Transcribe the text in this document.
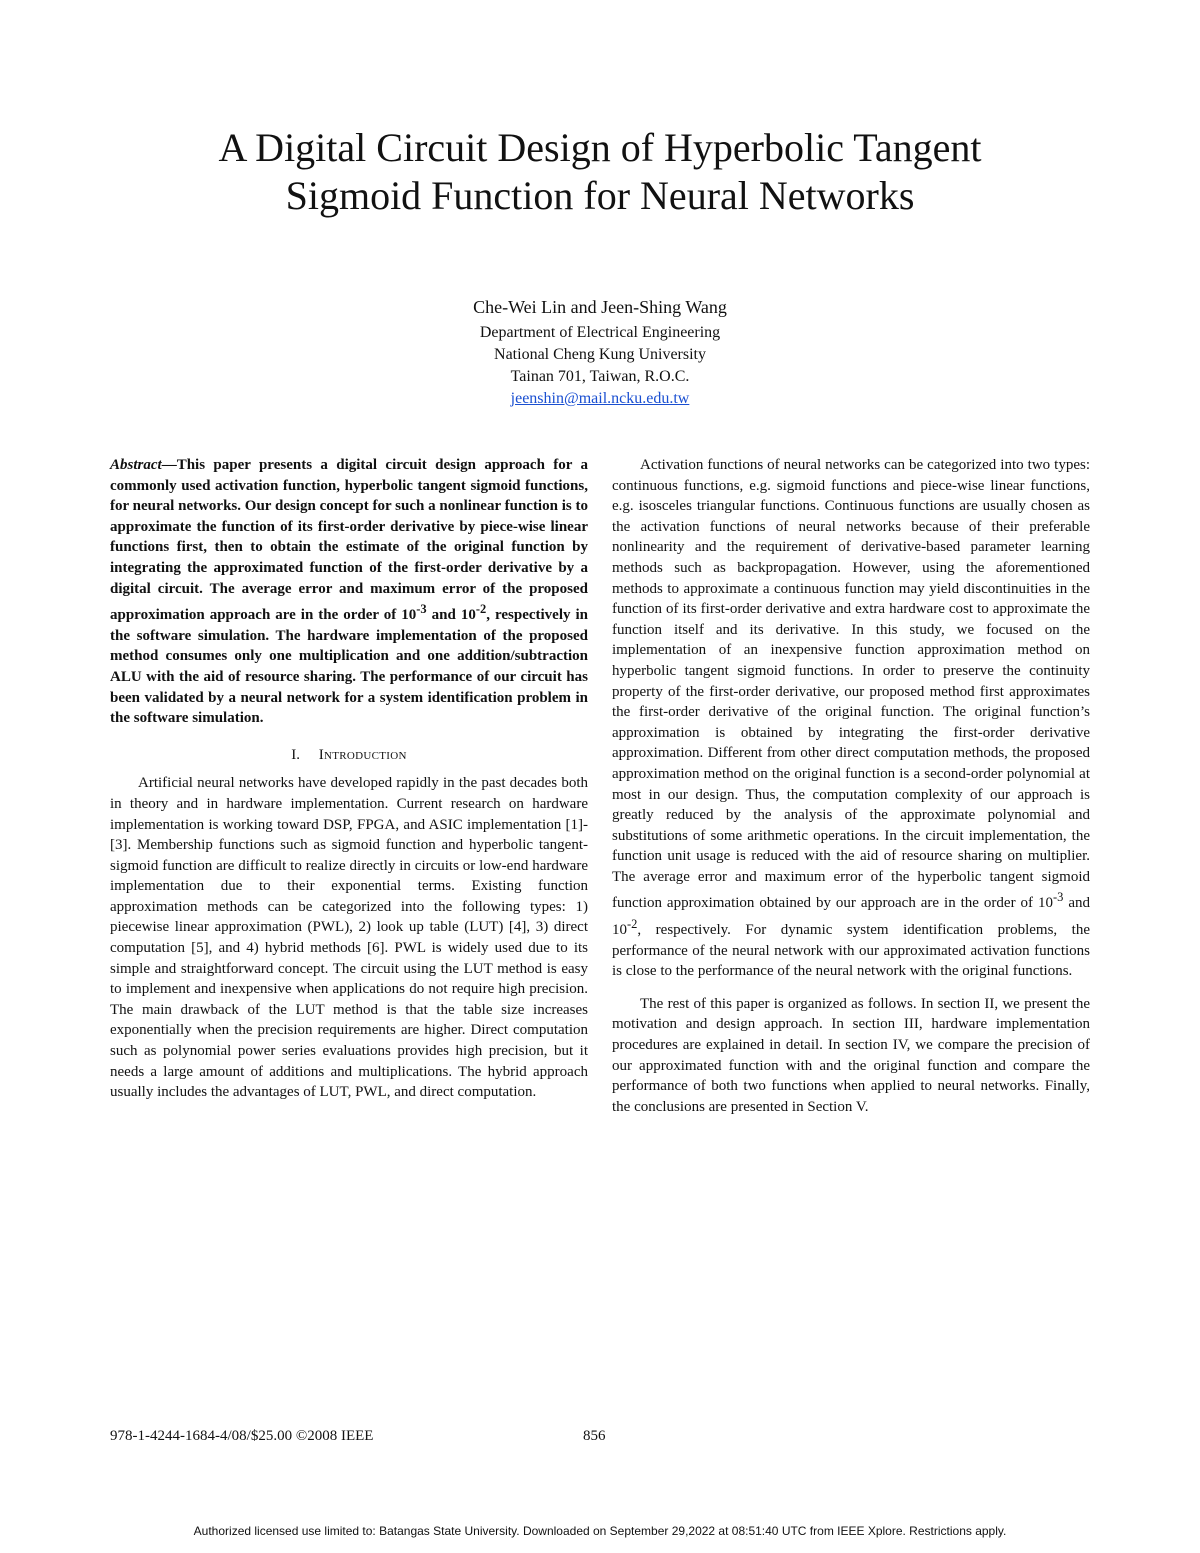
A Digital Circuit Design of Hyperbolic Tangent
Sigmoid Function for Neural Networks
Che-Wei Lin and Jeen-Shing Wang
Department of Electrical Engineering
National Cheng Kung University
Tainan 701, Taiwan, R.O.C.
jeenshin@mail.ncku.edu.tw

Abstract—This paper presents a digital circuit design approach for a commonly used activation function, hyperbolic tangent sigmoid functions, for neural networks. Our design concept for such a nonlinear function is to approximate the function of its first-order derivative by piece-wise linear functions first, then to obtain the estimate of the original function by integrating the approximated function of the first-order derivative by a digital circuit. The average error and maximum error of the proposed approximation approach are in the order of $10^{-3}$ and $10^{-2}$, respectively in the software simulation. The hardware implementation of the proposed method consumes only one multiplication and one addition/subtraction ALU with the aid of resource sharing. The performance of our circuit has been validated by a neural network for a system identification problem in the software simulation.

I. Introduction

Artificial neural networks have developed rapidly in the past decades both in theory and in hardware implementation. Current research on hardware implementation is working toward DSP, FPGA, and ASIC implementation [1]-[3]. Membership functions such as sigmoid function and hyperbolic tangent-sigmoid function are difficult to realize directly in circuits or low-end hardware implementation due to their exponential terms. Existing function approximation methods can be categorized into the following types: 1) piecewise linear approximation (PWL), 2) look up table (LUT) [4], 3) direct computation [5], and 4) hybrid methods [6]. PWL is widely used due to its simple and straightforward concept. The circuit using the LUT method is easy to implement and inexpensive when applications do not require high precision. The main drawback of the LUT method is that the table size increases exponentially when the precision requirements are higher. Direct computation such as polynomial power series evaluations provides high precision, but it needs a large amount of additions and multiplications. The hybrid approach usually includes the advantages of LUT, PWL, and direct computation.

Activation functions of neural networks can be categorized into two types: continuous functions, e.g. sigmoid functions and piece-wise linear functions, e.g. isosceles triangular functions. Continuous functions are usually chosen as the activation functions of neural networks because of their preferable nonlinearity and the requirement of derivative-based parameter learning methods such as backpropagation. However, using the aforementioned methods to approximate a continuous function may yield discontinuities in the function of its first-order derivative and extra hardware cost to approximate the function itself and its derivative. In this study, we focused on the implementation of an inexpensive function approximation method on hyperbolic tangent sigmoid functions. In order to preserve the continuity property of the first-order derivative, our proposed method first approximates the first-order derivative of the original function. The original function’s approximation is obtained by integrating the first-order derivative approximation. Different from other direct computation methods, the proposed approximation method on the original function is a second-order polynomial at most in our design. Thus, the computation complexity of our approach is greatly reduced by the analysis of the approximate polynomial and substitutions of some arithmetic operations. In the circuit implementation, the function unit usage is reduced with the aid of resource sharing on multiplier. The average error and maximum error of the hyperbolic tangent sigmoid function approximation obtained by our approach are in the order of $10^{-3}$ and $10^{-2}$, respectively. For dynamic system identification problems, the performance of the neural network with our approximated activation functions is close to the performance of the neural network with the original functions.

The rest of this paper is organized as follows. In section II, we present the motivation and design approach. In section III, hardware implementation procedures are explained in detail. In section IV, we compare the precision of our approximated function with and the original function and compare the performance of both two functions when applied to neural networks. Finally, the conclusions are presented in Section V.

978-1-4244-1684-4/08/$25.00 ©2008 IEEE	856
Authorized licensed use limited to: Batangas State University. Downloaded on September 29,2022 at 08:51:40 UTC from IEEE Xplore. Restrictions apply.
